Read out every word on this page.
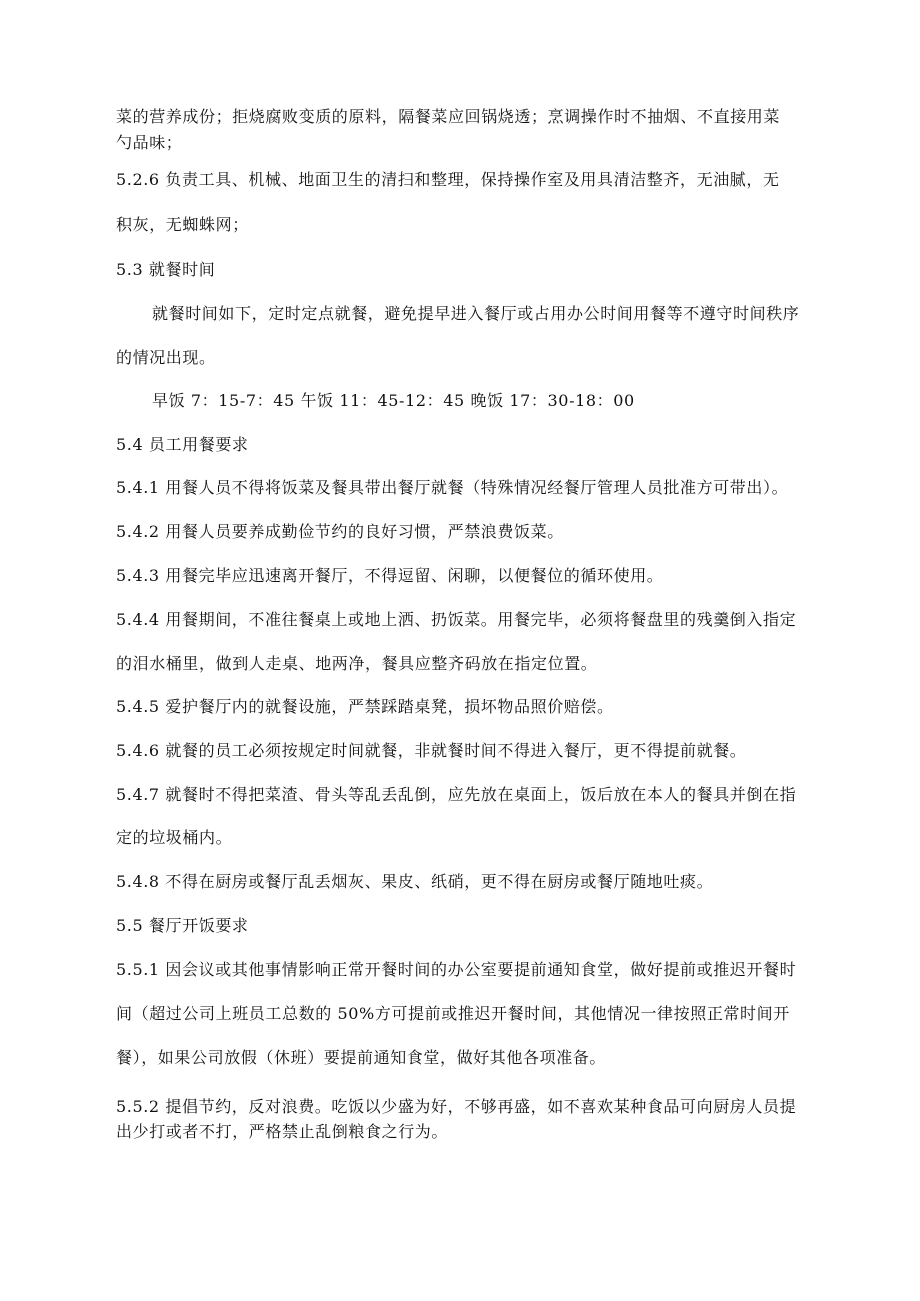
菜的营养成份；拒烧腐败变质的原料，隔餐菜应回锅烧透；烹调操作时不抽烟、不直接用菜

勺品味；

5.2.6 负责工具、机械、地面卫生的清扫和整理，保持操作室及用具清洁整齐，无油腻，无

积灰，无蜘蛛网；

5.3 就餐时间

就餐时间如下，定时定点就餐，避免提早进入餐厅或占用办公时间用餐等不遵守时间秩序

的情况出现。

早饭 7：15-7：45 午饭 11：45-12：45 晚饭 17：30-18：00

5.4 员工用餐要求

5.4.1 用餐人员不得将饭菜及餐具带出餐厅就餐（特殊情况经餐厅管理人员批准方可带出）。

5.4.2 用餐人员要养成勤俭节约的良好习惯，严禁浪费饭菜。

5.4.3 用餐完毕应迅速离开餐厅，不得逗留、闲聊，以便餐位的循环使用。

5.4.4 用餐期间，不准往餐桌上或地上洒、扔饭菜。用餐完毕，必须将餐盘里的残羹倒入指定

的泪水桶里，做到人走桌、地两净，餐具应整齐码放在指定位置。

5.4.5 爱护餐厅内的就餐设施，严禁踩踏桌凳，损坏物品照价赔偿。

5.4.6 就餐的员工必须按规定时间就餐，非就餐时间不得进入餐厅，更不得提前就餐。

5.4.7 就餐时不得把菜渣、骨头等乱丢乱倒，应先放在桌面上，饭后放在本人的餐具并倒在指

定的垃圾桶内。

5.4.8 不得在厨房或餐厅乱丢烟灰、果皮、纸硝，更不得在厨房或餐厅随地吐痰。

5.5 餐厅开饭要求

5.5.1 因会议或其他事情影响正常开餐时间的办公室要提前通知食堂，做好提前或推迟开餐时

间（超过公司上班员工总数的 50%方可提前或推迟开餐时间，其他情况一律按照正常时间开

餐），如果公司放假（休班）要提前通知食堂，做好其他各项准备。

5.5.2 提倡节约，反对浪费。吃饭以少盛为好，不够再盛，如不喜欢某种食品可向厨房人员提

出少打或者不打，严格禁止乱倒粮食之行为。
